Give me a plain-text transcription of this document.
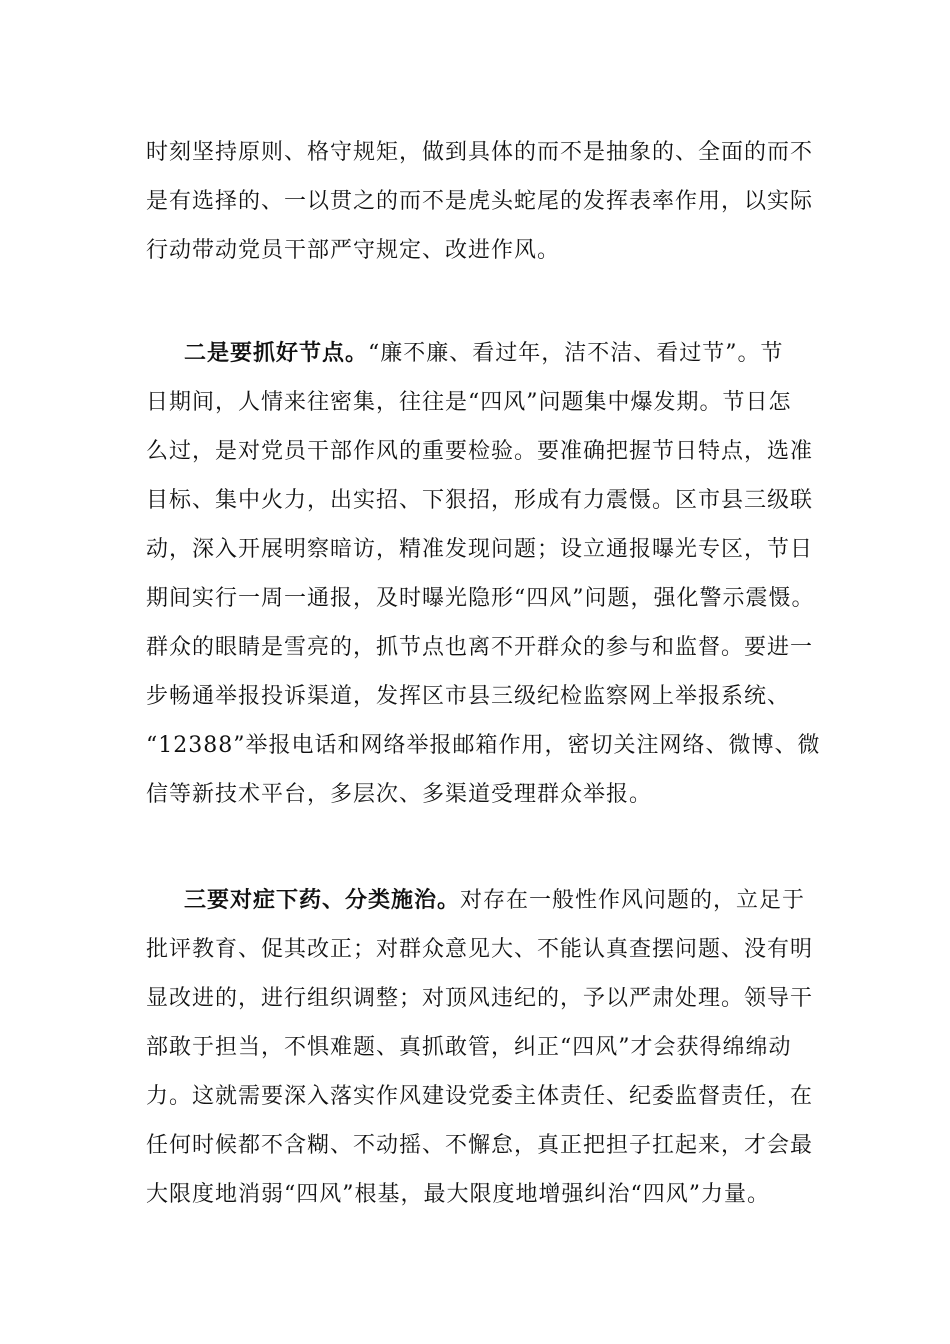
时刻坚持原则、格守规矩，做到具体的而不是抽象的、全面的而不
是有选择的、一以贯之的而不是虎头蛇尾的发挥表率作用，以实际
行动带动党员干部严守规定、改进作风。
二是要抓好节点。“廉不廉、看过年，洁不洁、看过节”。节
日期间，人情来往密集，往往是“四风”问题集中爆发期。节日怎
么过，是对党员干部作风的重要检验。要准确把握节日特点，选准
目标、集中火力，出实招、下狠招，形成有力震慑。区市县三级联
动，深入开展明察暗访，精准发现问题；设立通报曝光专区，节日
期间实行一周一通报，及时曝光隐形“四风”问题，强化警示震慑。
群众的眼睛是雪亮的，抓节点也离不开群众的参与和监督。要进一
步畅通举报投诉渠道，发挥区市县三级纪检监察网上举报系统、
“12388”举报电话和网络举报邮箱作用，密切关注网络、微博、微
信等新技术平台，多层次、多渠道受理群众举报。
三要对症下药、分类施治。对存在一般性作风问题的，立足于
批评教育、促其改正；对群众意见大、不能认真查摆问题、没有明
显改进的，进行组织调整；对顶风违纪的，予以严肃处理。领导干
部敢于担当，不惧难题、真抓敢管，纠正“四风”才会获得绵绵动
力。这就需要深入落实作风建设党委主体责任、纪委监督责任，在
任何时候都不含糊、不动摇、不懈怠，真正把担子扛起来，才会最
大限度地消弱“四风”根基，最大限度地增强纠治“四风”力量。
